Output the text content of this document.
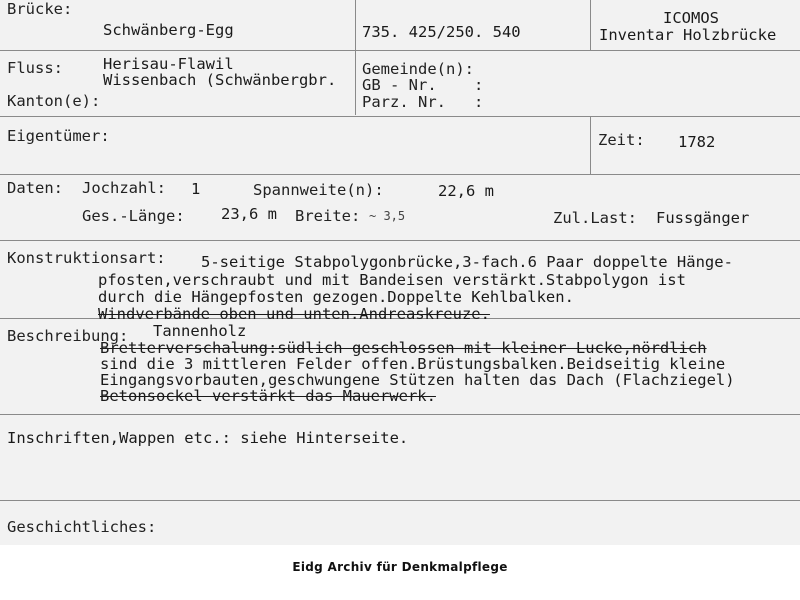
Brücke:
Schwänberg-Egg	735. 425/250. 540
ICOMOS
Inventar Holzbrücke
Fluss:	Herisau-Flawil
Wissenbach (Schwänbergbr.
Kanton(e):
Gemeinde(n):
GB - Nr.    :
Parz. Nr.   :
Eigentümer:	Zeit: 1782
Daten: Jochzahl: 1	Spannweite(n):	22,6 m
Ges.-Länge: 23,6 m Breite: ~ 3,5	Zul.Last: Fussgänger
Konstruktionsart: 5-seitige Stabpolygonbrücke,3-fach.6 Paar doppelte Hänge-
pfosten,verschraubt und mit Bandeisen verstärkt.Stabpolygon ist
durch die Hängepfosten gezogen.Doppelte Kehlbalken.
Windverbände oben und unten.Andreaskreuze.
Beschreibung: Tannenholz
Bretterverschalung:südlich geschlossen mit kleiner Lucke,nördlich
sind die 3 mittleren Felder offen.Brüstungsbalken.Beidseitig kleine
Eingangsvorbauten,geschwungene Stützen halten das Dach (Flachziegel)
Betonsockel verstärkt das Mauerwerk.
Inschriften,Wappen etc.: siehe Hinterseite.
Geschichtliches:
Eidg Archiv für Denkmalpflege
